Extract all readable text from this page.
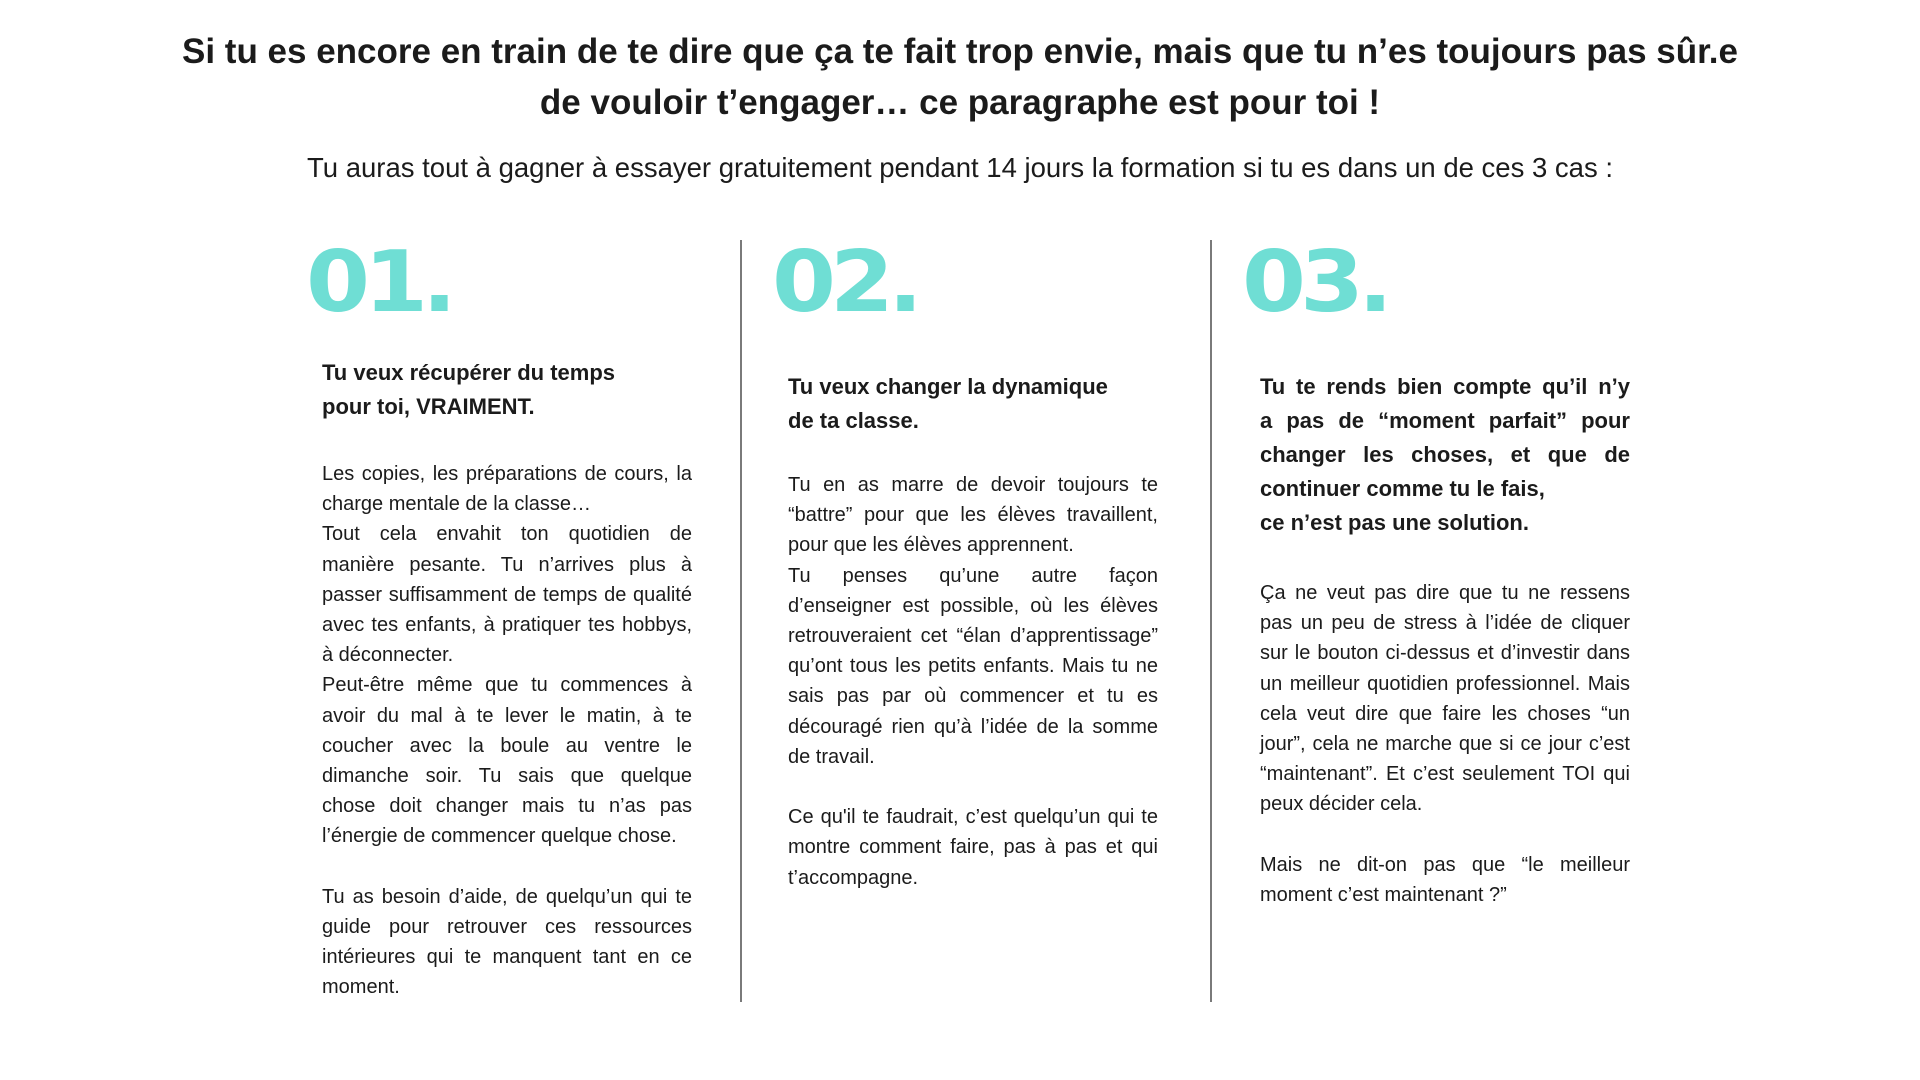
Si tu es encore en train de te dire que ça te fait trop envie, mais que tu n’es toujours pas sûr.e
de vouloir t’engager… ce paragraphe est pour toi !

Tu auras tout à gagner à essayer gratuitement pendant 14 jours la formation si tu es dans un de ces 3 cas :

01.
Tu veux récupérer du temps
pour toi, VRAIMENT.

Les copies, les préparations de cours, la charge mentale de la classe…

Tout cela envahit ton quotidien de manière pesante. Tu n’arrives plus à passer suffisamment de temps de qualité avec tes enfants, à pratiquer tes hobbys, à déconnecter.

Peut-être même que tu commences à avoir du mal à te lever le matin, à te coucher avec la boule au ventre le dimanche soir. Tu sais que quelque chose doit changer mais tu n’as pas l’énergie de commencer quelque chose.

Tu as besoin d’aide, de quelqu’un qui te guide pour retrouver ces ressources intérieures qui te manquent tant en ce moment.

02.
Tu veux changer la dynamique
de ta classe.

Tu en as marre de devoir toujours te “battre” pour que les élèves travaillent, pour que les élèves apprennent.

Tu penses qu’une autre façon d’enseigner est possible, où les élèves retrouveraient cet “élan d’apprentissage” qu’ont tous les petits enfants. Mais tu ne sais pas par où commencer et tu es découragé rien qu’à l’idée de la somme de travail.

Ce qu'il te faudrait, c’est quelqu’un qui te montre comment faire, pas à pas et qui t’accompagne.

03.
Tu te rends bien compte qu’il n’y
a pas de “moment parfait” pour
changer les choses, et que de
continuer comme tu le fais,
ce n’est pas une solution.

Ça ne veut pas dire que tu ne ressens pas un peu de stress à l’idée de cliquer sur le bouton ci-dessus et d’investir dans un meilleur quotidien professionnel. Mais cela veut dire que faire les choses “un jour”, cela ne marche que si ce jour c’est “maintenant”. Et c’est seulement TOI qui peux décider cela.

Mais ne dit-on pas que “le meilleur moment c’est maintenant ?”
